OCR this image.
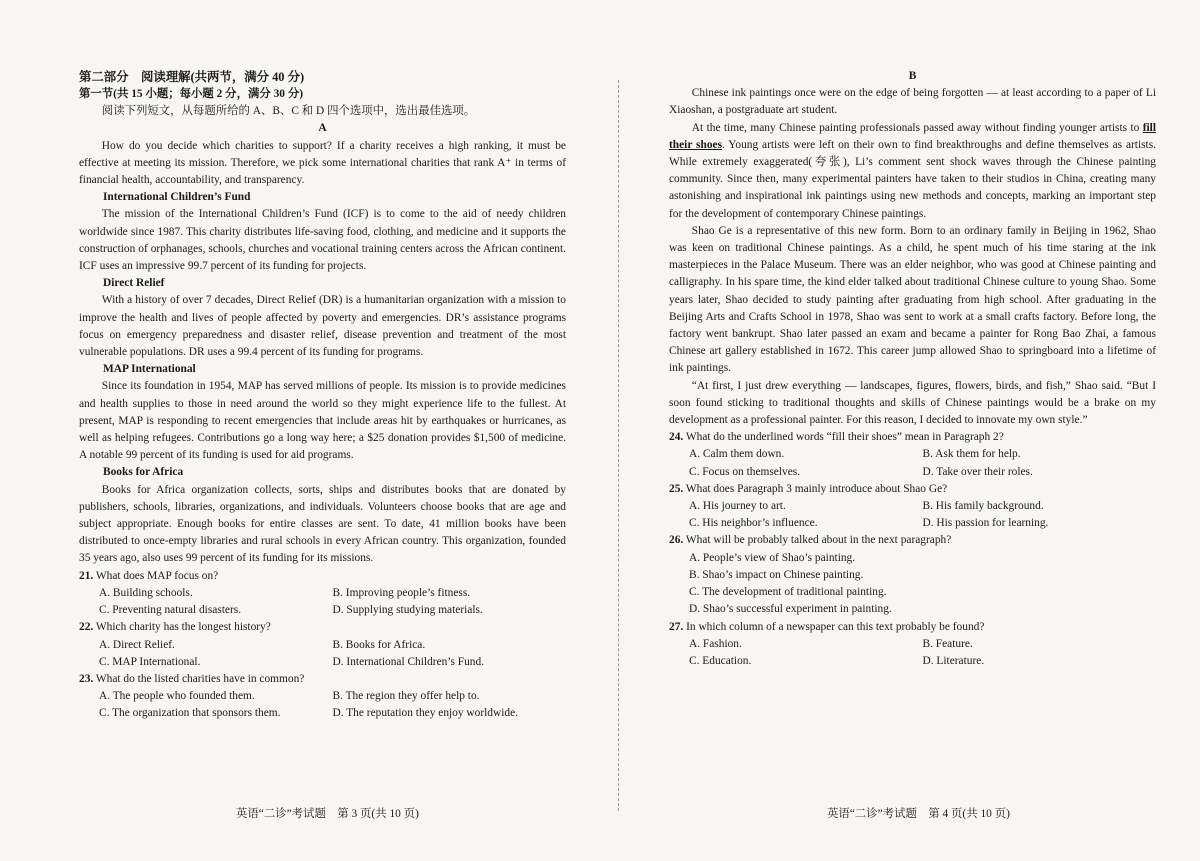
第二部分　阅读理解(共两节，满分 40 分)

第一节(共 15 小题；每小题 2 分，满分 30 分)

阅读下列短文，从每题所给的 A、B、C 和 D 四个选项中，选出最佳选项。

A

How do you decide which charities to support? If a charity receives a high ranking, it must be effective at meeting its mission. Therefore, we pick some international charities that rank A⁺ in terms of financial health, accountability, and transparency.

International Children’s Fund

The mission of the International Children’s Fund (ICF) is to come to the aid of needy children worldwide since 1987. This charity distributes life-saving food, clothing, and medicine and it supports the construction of orphanages, schools, churches and vocational training centers across the African continent. ICF uses an impressive 99.7 percent of its funding for projects.

Direct Relief

With a history of over 7 decades, Direct Relief (DR) is a humanitarian organization with a mission to improve the health and lives of people affected by poverty and emergencies. DR’s assistance programs focus on emergency preparedness and disaster relief, disease prevention and treatment of the most vulnerable populations. DR uses a 99.4 percent of its funding for programs.

MAP International

Since its foundation in 1954, MAP has served millions of people. Its mission is to provide medicines and health supplies to those in need around the world so they might experience life to the fullest. At present, MAP is responding to recent emergencies that include areas hit by earthquakes or hurricanes, as well as helping refugees. Contributions go a long way here; a $25 donation provides $1,500 of medicine. A notable 99 percent of its funding is used for aid programs.

Books for Africa

Books for Africa organization collects, sorts, ships and distributes books that are donated by publishers, schools, libraries, organizations, and individuals. Volunteers choose books that are age and subject appropriate. Enough books for entire classes are sent. To date, 41 million books have been distributed to once-empty libraries and rural schools in every African country. This organization, founded 35 years ago, also uses 99 percent of its funding for its missions.

21. What does MAP focus on?

A. Building schools.	B. Improving people’s fitness.
C. Preventing natural disasters.	D. Supplying studying materials.

22. Which charity has the longest history?

A. Direct Relief.	B. Books for Africa.
C. MAP International.	D. International Children’s Fund.

23. What do the listed charities have in common?

A. The people who founded them.	B. The region they offer help to.
C. The organization that sponsors them.	D. The reputation they enjoy worldwide.

B

Chinese ink paintings once were on the edge of being forgotten — at least according to a paper of Li Xiaoshan, a postgraduate art student.

At the time, many Chinese painting professionals passed away without finding younger artists to fill their shoes. Young artists were left on their own to find breakthroughs and define themselves as artists. While extremely exaggerated(夸张), Li’s comment sent shock waves through the Chinese painting community. Since then, many experimental painters have taken to their studios in China, creating many astonishing and inspirational ink paintings using new methods and concepts, marking an important step for the development of contemporary Chinese paintings.

Shao Ge is a representative of this new form. Born to an ordinary family in Beijing in 1962, Shao was keen on traditional Chinese paintings. As a child, he spent much of his time staring at the ink masterpieces in the Palace Museum. There was an elder neighbor, who was good at Chinese painting and calligraphy. In his spare time, the kind elder talked about traditional Chinese culture to young Shao. Some years later, Shao decided to study painting after graduating from high school. After graduating in the Beijing Arts and Crafts School in 1978, Shao was sent to work at a small crafts factory. Before long, the factory went bankrupt. Shao later passed an exam and became a painter for Rong Bao Zhai, a famous Chinese art gallery established in 1672. This career jump allowed Shao to springboard into a lifetime of ink paintings.

“At first, I just drew everything — landscapes, figures, flowers, birds, and fish,” Shao said. “But I soon found sticking to traditional thoughts and skills of Chinese paintings would be a brake on my development as a professional painter. For this reason, I decided to innovate my own style.”

24. What do the underlined words “fill their shoes” mean in Paragraph 2?

A. Calm them down.	B. Ask them for help.
C. Focus on themselves.	D. Take over their roles.

25. What does Paragraph 3 mainly introduce about Shao Ge?

A. His journey to art.	B. His family background.
C. His neighbor’s influence.	D. His passion for learning.

26. What will be probably talked about in the next paragraph?

A. People’s view of Shao’s painting.
B. Shao’s impact on Chinese painting.
C. The development of traditional painting.
D. Shao’s successful experiment in painting.

27. In which column of a newspaper can this text probably be found?

A. Fashion.	B. Feature.
C. Education.	D. Literature.
英语“二诊”考试题　第 3 页(共 10 页)	英语“二诊”考试题　第 4 页(共 10 页)
